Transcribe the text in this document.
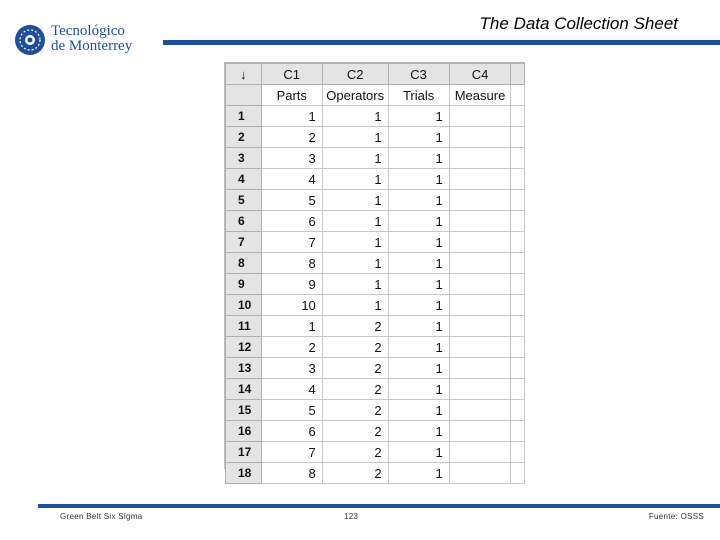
Tecnológico
de Monterrey
The Data Collection Sheet
↓	C1	C2	C3	C4	
	Parts	Operators	Trials	Measure	
1	1	1	1		
2	2	1	1		
3	3	1	1		
4	4	1	1		
5	5	1	1		
6	6	1	1		
7	7	1	1		
8	8	1	1		
9	9	1	1		
10	10	1	1		
11	1	2	1		
12	2	2	1		
13	3	2	1		
14	4	2	1		
15	5	2	1		
16	6	2	1		
17	7	2	1		
18	8	2	1		
Green Belt Six Sigma	123	Fuente: OSSS
